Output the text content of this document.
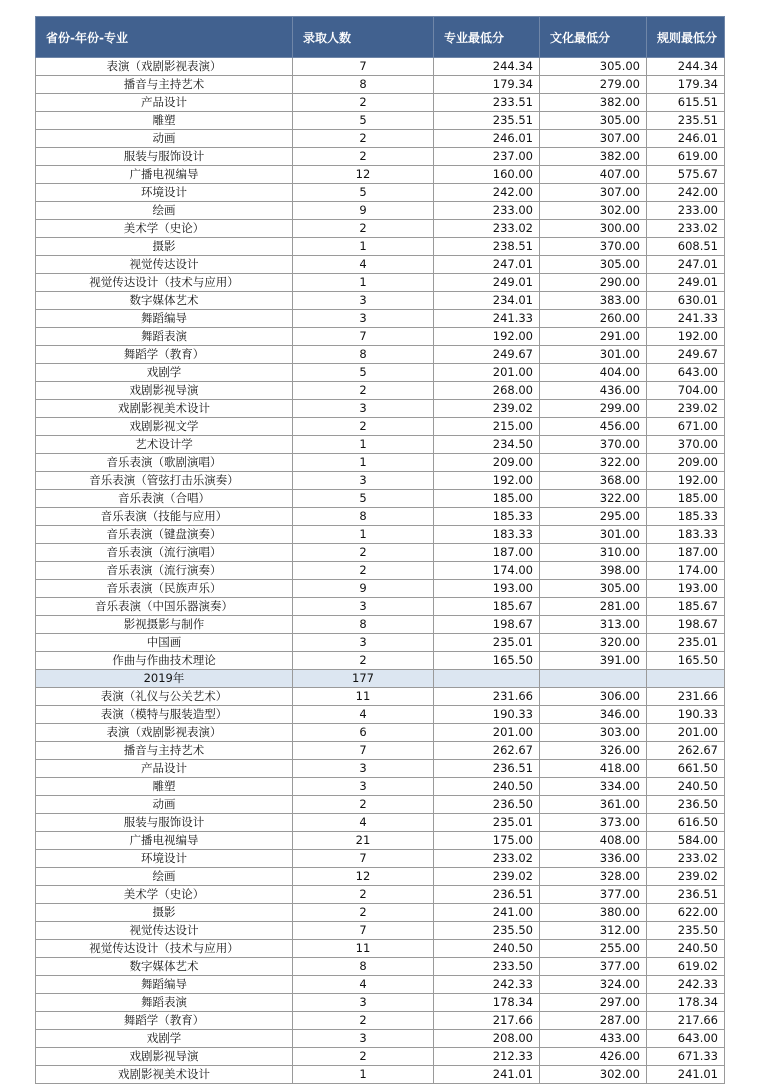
省份-年份-专业	录取人数	专业最低分	文化最低分	规则最低分
表演（戏剧影视表演）	7	244.34	305.00	244.34
播音与主持艺术	8	179.34	279.00	179.34
产品设计	2	233.51	382.00	615.51
雕塑	5	235.51	305.00	235.51
动画	2	246.01	307.00	246.01
服装与服饰设计	2	237.00	382.00	619.00
广播电视编导	12	160.00	407.00	575.67
环境设计	5	242.00	307.00	242.00
绘画	9	233.00	302.00	233.00
美术学（史论）	2	233.02	300.00	233.02
摄影	1	238.51	370.00	608.51
视觉传达设计	4	247.01	305.00	247.01
视觉传达设计（技术与应用）	1	249.01	290.00	249.01
数字媒体艺术	3	234.01	383.00	630.01
舞蹈编导	3	241.33	260.00	241.33
舞蹈表演	7	192.00	291.00	192.00
舞蹈学（教育）	8	249.67	301.00	249.67
戏剧学	5	201.00	404.00	643.00
戏剧影视导演	2	268.00	436.00	704.00
戏剧影视美术设计	3	239.02	299.00	239.02
戏剧影视文学	2	215.00	456.00	671.00
艺术设计学	1	234.50	370.00	370.00
音乐表演（歌剧演唱）	1	209.00	322.00	209.00
音乐表演（管弦打击乐演奏）	3	192.00	368.00	192.00
音乐表演（合唱）	5	185.00	322.00	185.00
音乐表演（技能与应用）	8	185.33	295.00	185.33
音乐表演（键盘演奏）	1	183.33	301.00	183.33
音乐表演（流行演唱）	2	187.00	310.00	187.00
音乐表演（流行演奏）	2	174.00	398.00	174.00
音乐表演（民族声乐）	9	193.00	305.00	193.00
音乐表演（中国乐器演奏）	3	185.67	281.00	185.67
影视摄影与制作	8	198.67	313.00	198.67
中国画	3	235.01	320.00	235.01
作曲与作曲技术理论	2	165.50	391.00	165.50
2019年	177			
表演（礼仪与公关艺术）	11	231.66	306.00	231.66
表演（模特与服装造型）	4	190.33	346.00	190.33
表演（戏剧影视表演）	6	201.00	303.00	201.00
播音与主持艺术	7	262.67	326.00	262.67
产品设计	3	236.51	418.00	661.50
雕塑	3	240.50	334.00	240.50
动画	2	236.50	361.00	236.50
服装与服饰设计	4	235.01	373.00	616.50
广播电视编导	21	175.00	408.00	584.00
环境设计	7	233.02	336.00	233.02
绘画	12	239.02	328.00	239.02
美术学（史论）	2	236.51	377.00	236.51
摄影	2	241.00	380.00	622.00
视觉传达设计	7	235.50	312.00	235.50
视觉传达设计（技术与应用）	11	240.50	255.00	240.50
数字媒体艺术	8	233.50	377.00	619.02
舞蹈编导	4	242.33	324.00	242.33
舞蹈表演	3	178.34	297.00	178.34
舞蹈学（教育）	2	217.66	287.00	217.66
戏剧学	3	208.00	433.00	643.00
戏剧影视导演	2	212.33	426.00	671.33
戏剧影视美术设计	1	241.01	302.00	241.01
